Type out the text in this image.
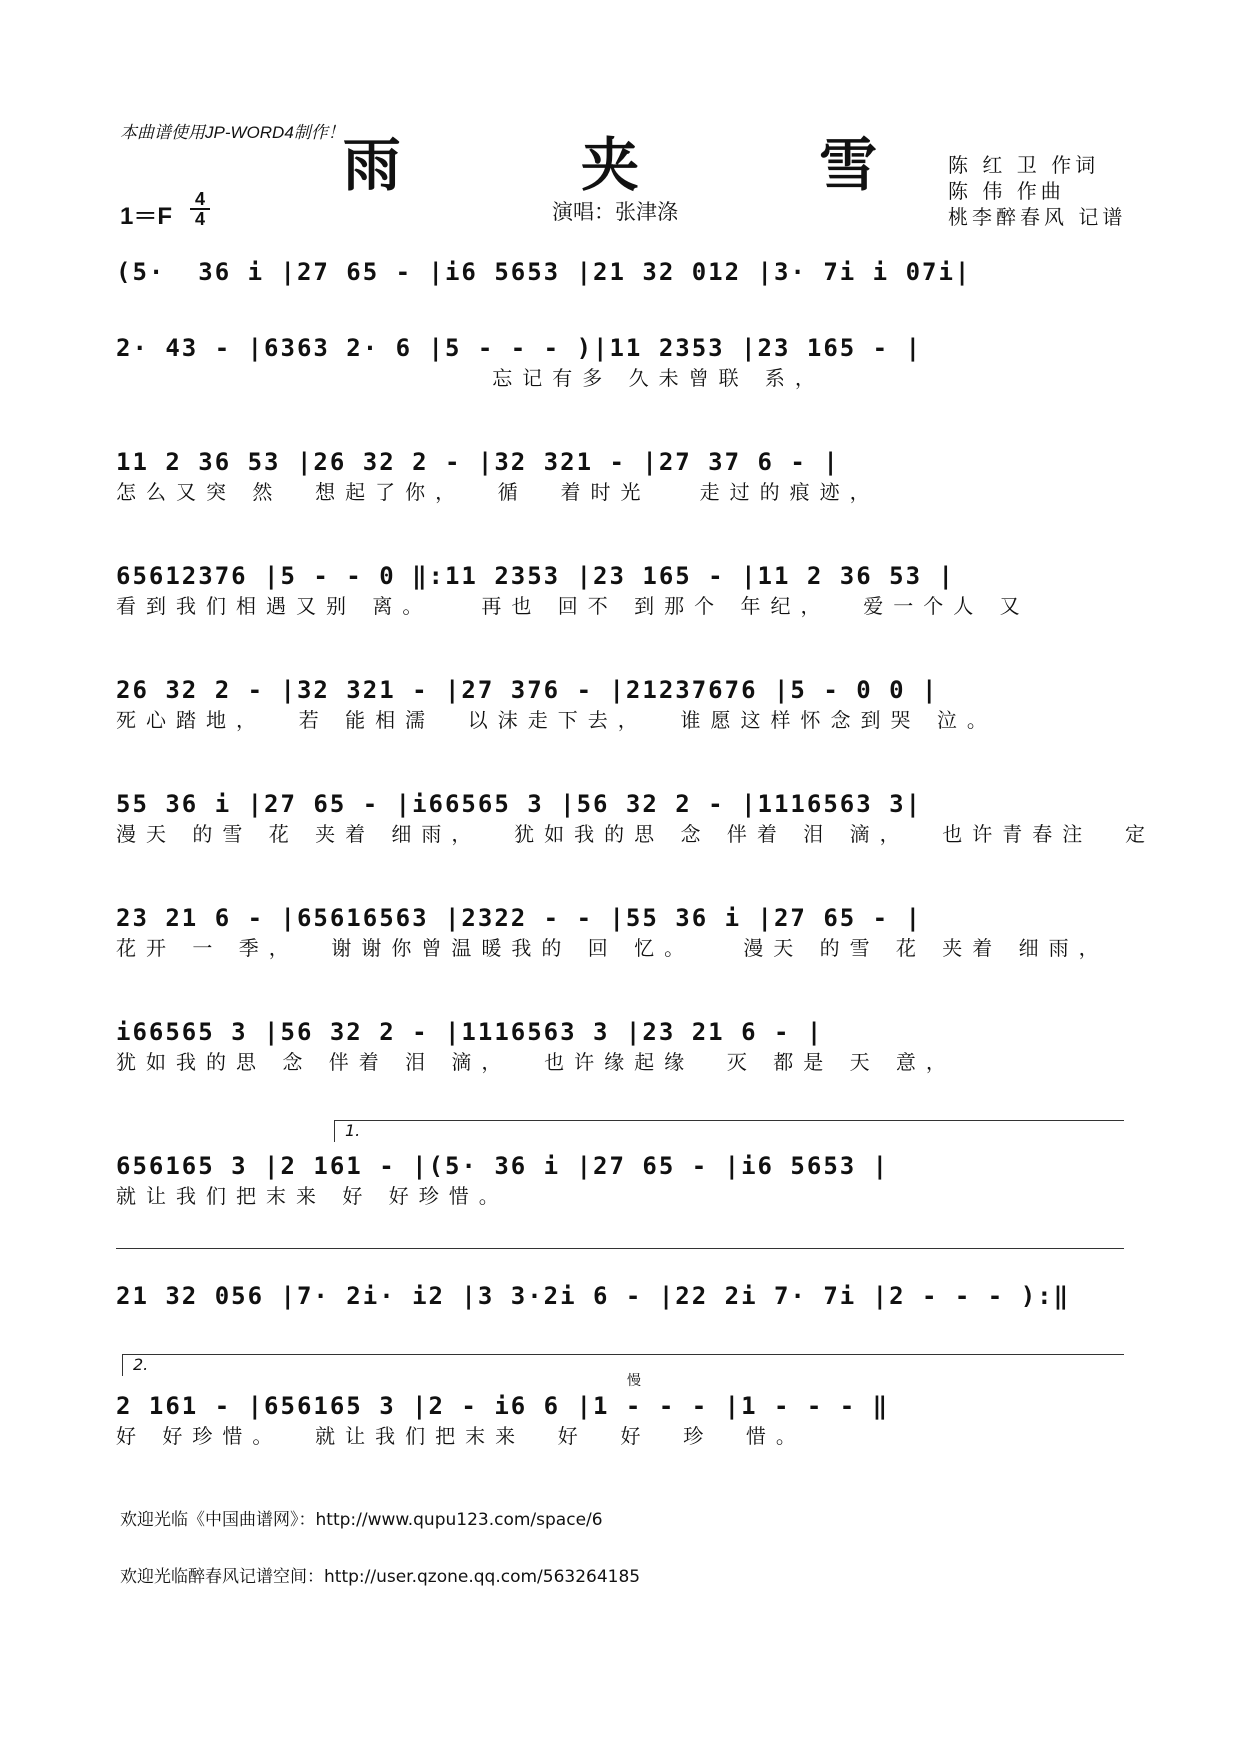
本曲谱使用JP-WORD4制作！
雨 夹 雪
陈 红 卫 作词
陈 伟 作曲
桃李醉春风 记谱
1＝F
4
4	演唱：张津涤
(5·  36 i |27 65 - |i6 5653 |21 32 012 |3· 7i i 07i|
2· 43 - |6363 2· 6 |5 - - - )|11 2353 |23 165 - |
忘记有多 久未曾联 系，
11 2 36 53 |26 32 2 - |32 321 - |27 37 6 - |
怎么又突 然  想起了你，  循  着时光   走过的痕迹，
65612376 |5 - - 0 ‖:11 2353 |23 165 - |11 2 36 53 |
看到我们相遇又别 离。   再也 回不 到那个 年纪，  爱一个人 又
26 32 2 - |32 321 - |27 376 - |21237676 |5 - 0 0 |
死心踏地，  若 能相濡  以沫走下去，  谁愿这样怀念到哭 泣。
55 36 i |27 65 - |i66565 3 |56 32 2 - |1116563 3|
漫天 的雪 花 夹着 细雨，  犹如我的思 念 伴着 泪 滴，  也许青春注  定
23 21 6 - |65616563 |2322 - - |55 36 i |27 65 - |
花开 一 季，  谢谢你曾温暖我的 回 忆。   漫天 的雪 花 夹着 细雨，
i66565 3 |56 32 2 - |1116563 3 |23 21 6 - |
犹如我的思 念 伴着 泪 滴，  也许缘起缘  灭 都是 天 意，
1.
656165 3 |2 161 - |(5· 36 i |27 65 - |i6 5653 |
就让我们把末来 好 好珍惜。
21 32 056 |7· 2i· i2 |3 3·2i 6 - |22 2i 7· 7i |2 - - - ):‖
2.
慢
2 161 - |656165 3 |2 - i6 6 |1 - - - |1 - - - ‖
好 好珍惜。  就让我们把末来  好  好  珍  惜。
欢迎光临《中国曲谱网》：http://www.qupu123.com/space/6
欢迎光临醉春风记谱空间：http://user.qzone.qq.com/563264185
